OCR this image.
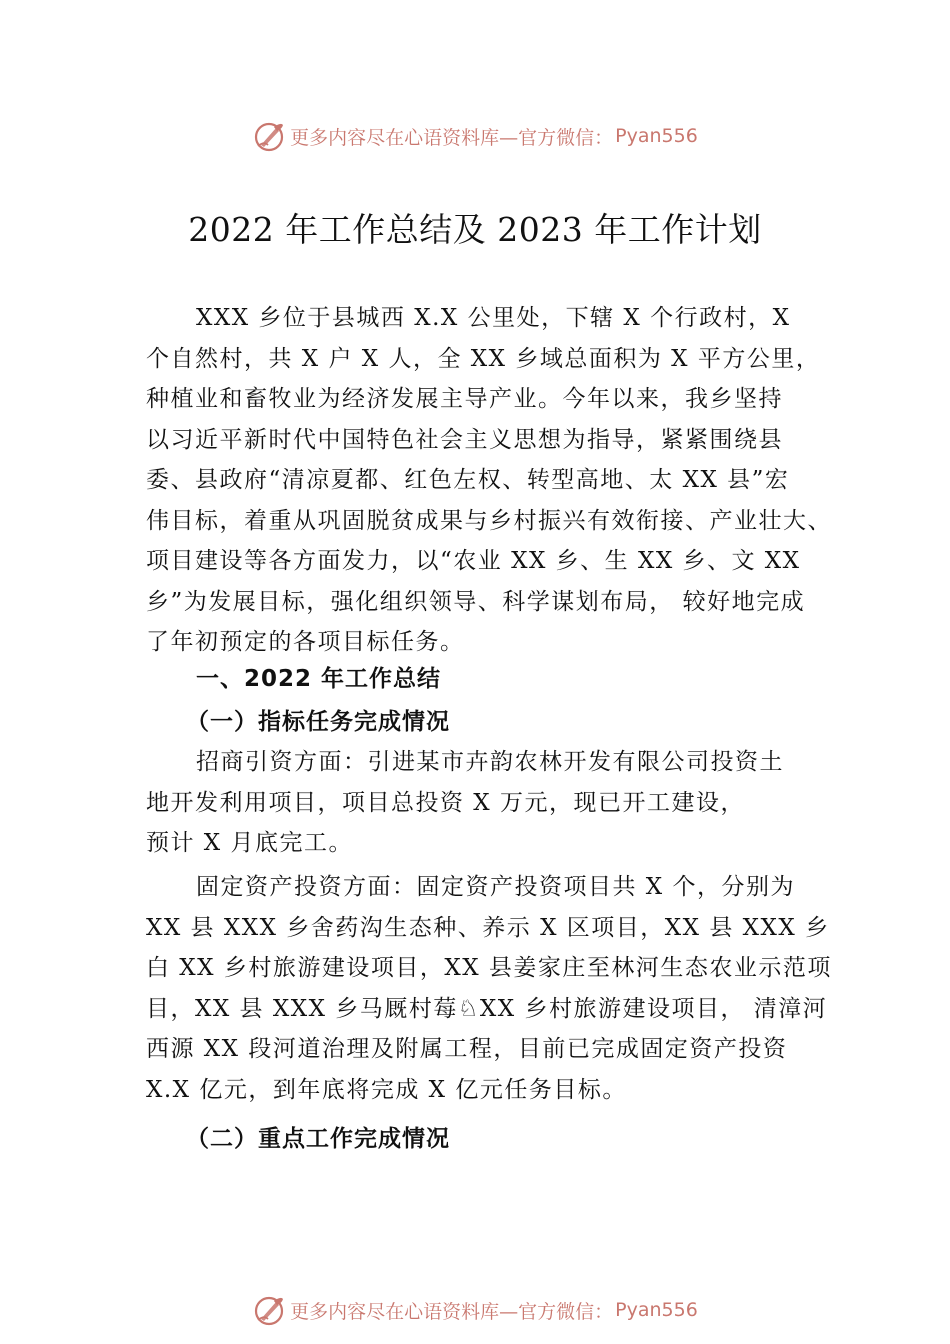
更多内容尽在心语资料库—官方微信： Pyan556
2022 年工作总结及 2023 年工作计划
XXX 乡位于县城西 X.X 公里处，下辖 X 个行政村，X
个自然村，共 X 户 X 人，全 XX 乡域总面积为 X 平方公里，
种植业和畜牧业为经济发展主导产业。今年以来，我乡坚持
以习近平新时代中国特色社会主义思想为指导，紧紧围绕县
委、县政府“清凉夏都、红色左权、转型高地、太 XX 县”宏
伟目标，着重从巩固脱贫成果与乡村振兴有效衔接、产业壮大、
项目建设等各方面发力，以“农业 XX 乡、生 XX 乡、文 XX
乡”为发展目标，强化组织领导、科学谋划布局， 较好地完成
了年初预定的各项目标任务。
一、2022 年工作总结
（一）指标任务完成情况
招商引资方面：引进某市卉韵农林开发有限公司投资土
地开发利用项目，项目总投资 X 万元，现已开工建设，
预计 X 月底完工。
固定资产投资方面：固定资产投资项目共 X 个，分别为
XX 县 XXX 乡舍药沟生态种、养示 X 区项目，XX 县 XXX 乡
白 XX 乡村旅游建设项目，XX 县姜家庄至林河生态农业示范项
目，XX 县 XXX 乡马厩村莓♘XX 乡村旅游建设项目， 清漳河
西源 XX 段河道治理及附属工程，目前已完成固定资产投资
X.X 亿元，到年底将完成 X 亿元任务目标。
（二）重点工作完成情况
更多内容尽在心语资料库—官方微信： Pyan556
